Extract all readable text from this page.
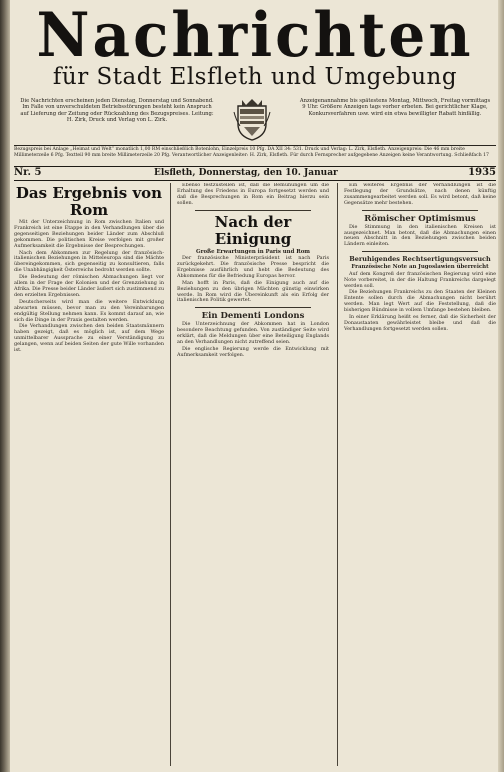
Nachrichten
für Stadt Elsfleth und Umgebung
Die Nachrichten erscheinen jeden Dienstag, Donnerstag und Sonnabend. Im Falle von unverschuldeten Betriebsstörungen besteht kein Anspruch auf Lieferung der Zeitung oder Rückzahlung des Bezugspreises. Leitung: H. Zirk, Druck und Verlag von L. Zirk.
Anzeigenannahme bis spätestens Montag, Mittwoch, Freitag vormittags 9 Uhr. Größere Anzeigen tags vorher erbeten. Bei gerichtlicher Klage, Konkursverfahren usw. wird ein etwa bewilligter Rabatt hinfällig.
Bezugspreis bei Anlage „Heimat und Welt“ monatlich 1,00 RM einschließlich Botenlohn, Einzelpreis 10 Pfg. DA XII 34: 531. Druck und Verlag: L. Zirk, Elsfleth. Anzeigenpreis: Die 46 mm breite Millimeterzeile 6 Pfg. Textteil 90 mm breite Millimeterzeile 20 Pfg. Verantwortlicher Anzeigenleiter: H. Zirk, Elsfleth. Für durch Fernsprecher aufgegebene Anzeigen keine Verantwortung. Schließfach 17
Nr. 5	Elsfleth, Donnerstag, den 10. Januar	1935
Das Ergebnis von Rom

Mit der Unterzeichnung in Rom zwischen Italien und Frankreich ist eine Etappe in den Verhandlungen über die gegenseitigen Beziehungen beider Länder zum Abschluß gekommen. Die politischen Kreise verfolgen mit großer Aufmerksamkeit die Ergebnisse der Besprechungen.

Nach dem Abkommen zur Regelung der französisch-italienischen Beziehungen in Mitteleuropa sind die Mächte übereingekommen, sich gegenseitig zu konsultieren, falls die Unabhängigkeit Österreichs bedroht werden sollte.

Die Bedeutung der römischen Abmachungen liegt vor allem in der Frage der Kolonien und der Grenzziehung in Afrika. Die Presse beider Länder äußert sich zustimmend zu den erzielten Ergebnissen.

Deutscherseits wird man die weitere Entwicklung abwarten müssen, bevor man zu den Vereinbarungen endgültig Stellung nehmen kann. Es kommt darauf an, wie sich die Dinge in der Praxis gestalten werden.

Die Verhandlungen zwischen den beiden Staatsmännern haben gezeigt, daß es möglich ist, auf dem Wege unmittelbarer Aussprache zu einer Verständigung zu gelangen, wenn auf beiden Seiten der gute Wille vorhanden ist.

Ebenso festzustellen ist, daß die Bemühungen um die Erhaltung des Friedens in Europa fortgesetzt werden und daß die Besprechungen in Rom ein Beitrag hierzu sein sollen.

Nach der Einigung
Große Erwartungen in Paris und Rom

Der französische Ministerpräsident ist nach Paris zurückgekehrt. Die französische Presse bespricht die Ergebnisse ausführlich und hebt die Bedeutung des Abkommens für die Befriedung Europas hervor.

Man hofft in Paris, daß die Einigung auch auf die Beziehungen zu den übrigen Mächten günstig einwirken werde. In Rom wird die Übereinkunft als ein Erfolg der italienischen Politik gewertet.

Ein Dementi Londons

Die Unterzeichnung der Abkommen hat in London besondere Beachtung gefunden. Von zuständiger Seite wird erklärt, daß die Meldungen über eine Beteiligung Englands an den Verhandlungen nicht zutreffend seien.

Die englische Regierung werde die Entwicklung mit Aufmerksamkeit verfolgen.

Ein weiteres Ergebnis der Verhandlungen ist die Festlegung der Grundsätze, nach denen künftig zusammengearbeitet werden soll. Es wird betont, daß keine Gegensätze mehr bestehen.

Römischer Optimismus

Die Stimmung in den italienischen Kreisen ist ausgezeichnet. Man betont, daß die Abmachungen einen neuen Abschnitt in den Beziehungen zwischen beiden Ländern einleiten.

Beruhigendes Rechtsertigungsversuch
Französische Note an Jugoslawien überreicht

Auf dem Kongreß der französischen Regierung wird eine Note vorbereitet, in der die Haltung Frankreichs dargelegt werden soll.

Die Beziehungen Frankreichs zu den Staaten der Kleinen Entente sollen durch die Abmachungen nicht berührt werden. Man legt Wert auf die Feststellung, daß die bisherigen Bündnisse in vollem Umfange bestehen bleiben.

In einer Erklärung heißt es ferner, daß die Sicherheit der Donaustaaten gewährleistet bleibe und daß die Verhandlungen fortgesetzt werden sollen.
